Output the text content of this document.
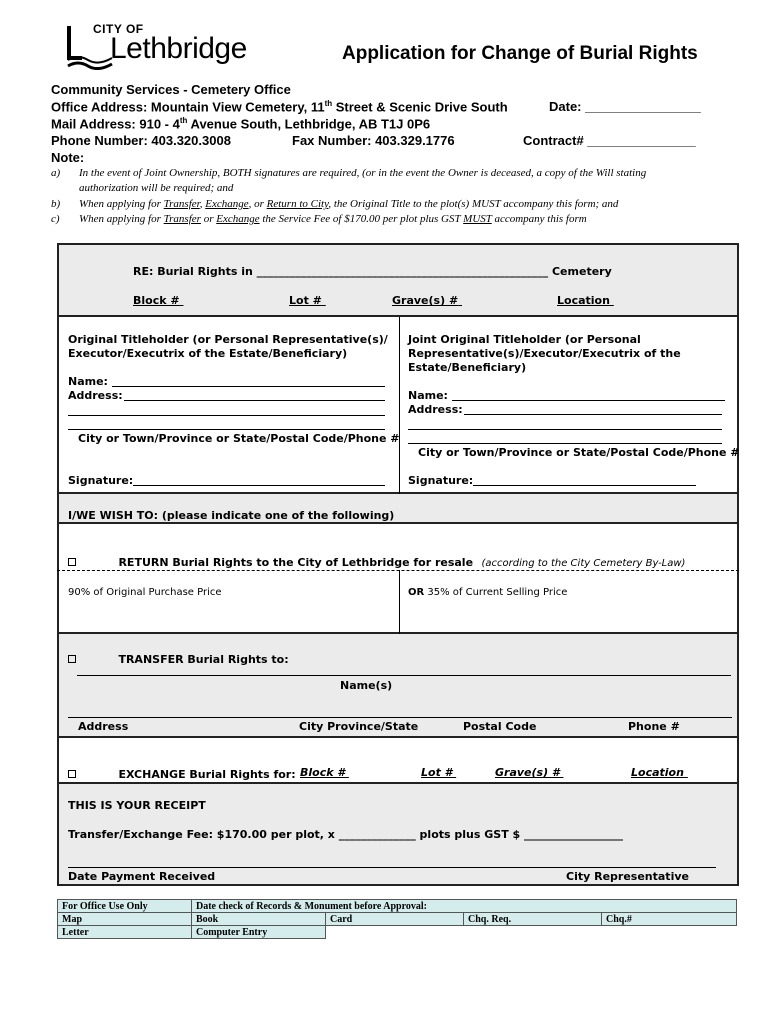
CITY OF
Lethbridge	Application for Change of Burial Rights
Community Services - Cemetery Office
Office Address: Mountain View Cemetery, 11th Street & Scenic Drive South	Date: ________________
Mail Address: 910 - 4th Avenue South, Lethbridge, AB T1J 0P6
Phone Number: 403.320.3008	Fax Number: 403.329.1776	Contract# _______________
Note:
a) In the event of Joint Ownership, BOTH signatures are required, (or in the event the Owner is deceased, a copy of the Will stating
authorization will be required; and
b) When applying for Transfer, Exchange, or Return to City, the Original Title to the plot(s) MUST accompany this form; and
c) When applying for Transfer or Exchange the Service Fee of $170.00 per plot plus GST MUST accompany this form
RE: Burial Rights in _____________________________________________________ Cemetery
Block #	Lot #	Grave(s) #	Location
Original Titleholder (or Personal Representative(s)/
Executor/Executrix of the Estate/Beneficiary)
Name:
Address:
City or Town/Province or State/Postal Code/Phone #
Signature:
Joint Original Titleholder (or Personal
Representative(s)/Executor/Executrix of the
Estate/Beneficiary)
Name:
Address:
City or Town/Province or State/Postal Code/Phone #
Signature:
I/WE WISH TO: (please indicate one of the following)
RETURN Burial Rights to the City of Lethbridge for resale (according to the City Cemetery By-Law)
90% of Original Purchase Price	OR 35% of Current Selling Price
TRANSFER Burial Rights to:
Name(s)
Address	City Province/State	Postal Code	Phone #
EXCHANGE Burial Rights for: Block #	Lot #	Grave(s) #	Location
THIS IS YOUR RECEIPT
Transfer/Exchange Fee: $170.00 per plot, x ______________ plots plus GST $ __________________
Date Payment Received	City Representative
For Office Use Only	Date check of Records & Monument before Approval:			
Map	Book	Card	Chq. Req.	Chq.#
Letter	Computer Entry			
